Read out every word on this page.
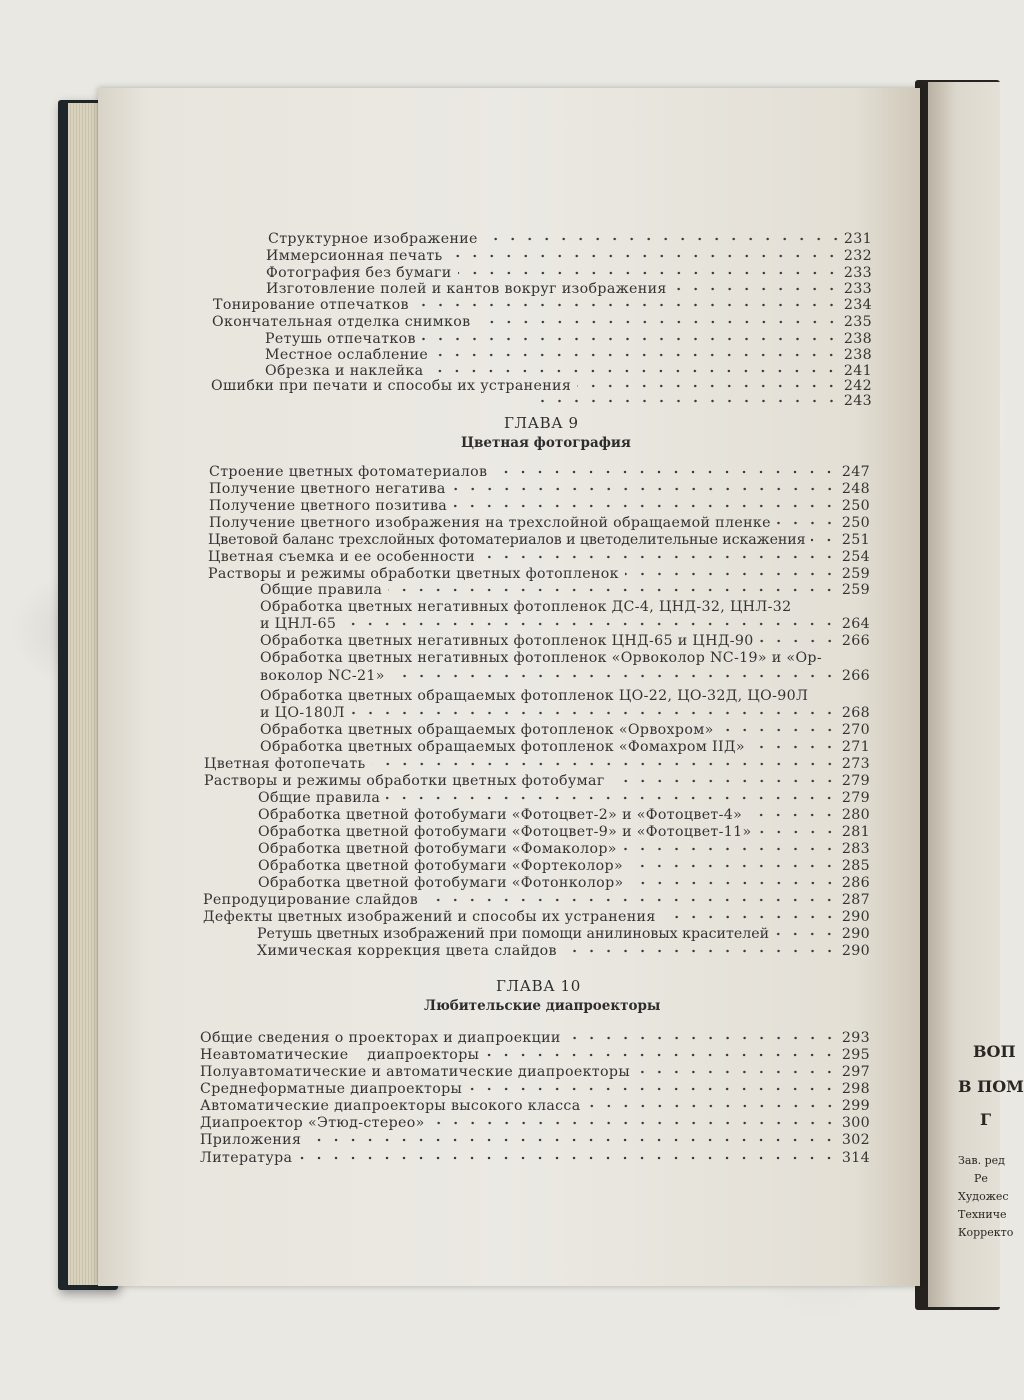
ВОП
В ПОМ
Г
Зав. ред
Ре
Художес
Техниче
Корректо
Структурное изображение	231
Иммерсионная печать	232
Фотография без бумаги	233
Изготовление полей и кантов вокруг изображения	233
Тонирование отпечатков	234
Окончательная отделка снимков	235
Ретушь отпечатков	238
Местное ослабление	238
Обрезка и наклейка	241
Ошибки при печати и способы их устранения	242
243
ГЛАВА 9
Цветная фотография
Строение цветных фотоматериалов	247
Получение цветного негатива	248
Получение цветного позитива	250
Получение цветного изображения на трехслойной обращаемой пленке	250
Цветовой баланс трехслойных фотоматериалов и цветоделительные искажения	251
Цветная съемка и ее особенности	254
Растворы и режимы обработки цветных фотопленок	259
Общие правила	259
Обработка цветных негативных фотопленок ДС-4, ЦНД-32, ЦНЛ-32
и ЦНЛ-65	264
Обработка цветных негативных фотопленок ЦНД-65 и ЦНД-90	266
Обработка цветных негативных фотопленок «Орвоколор NC-19» и «Ор-
воколор NC-21»	266
Обработка цветных обращаемых фотопленок ЦО-22, ЦО-32Д, ЦО-90Л
и ЦО-180Л	268
Обработка цветных обращаемых фотопленок «Орвохром»	270
Обработка цветных обращаемых фотопленок «Фомахром IIД»	271
Цветная фотопечать	273
Растворы и режимы обработки цветных фотобумаг	279
Общие правила	279
Обработка цветной фотобумаги «Фотоцвет-2» и «Фотоцвет-4»	280
Обработка цветной фотобумаги «Фотоцвет-9» и «Фотоцвет-11»	281
Обработка цветной фотобумаги «Фомаколор»	283
Обработка цветной фотобумаги «Фортеколор»	285
Обработка цветной фотобумаги «Фотонколор»	286
Репродуцирование слайдов	287
Дефекты цветных изображений и способы их устранения	290
Ретушь цветных изображений при помощи анилиновых красителей	290
Химическая коррекция цвета слайдов	290
ГЛАВА 10
Любительские диапроекторы
Общие сведения о проекторах и диапроекции	293
Неавтоматические диапроекторы	295
Полуавтоматические и автоматические диапроекторы	297
Среднеформатные диапроекторы	298
Автоматические диапроекторы высокого класса	299
Диапроектор «Этюд-стерео»	300
Приложения	302
Литература	314
